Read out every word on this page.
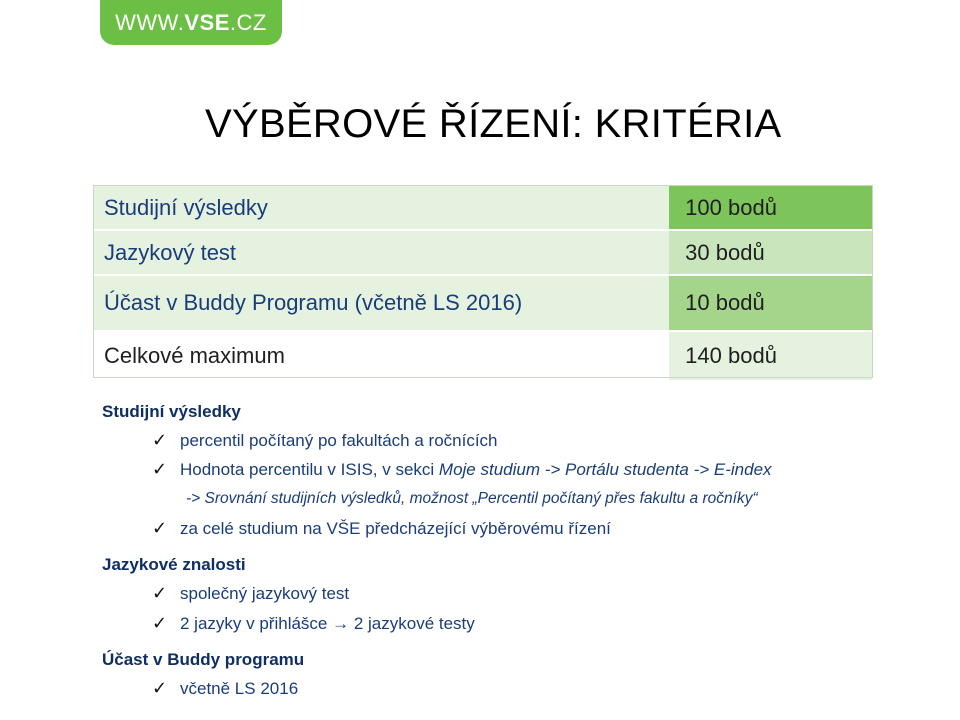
WWW.VSE.CZ
VÝBĚROVÉ ŘÍZENÍ: KRITÉRIA
Studijní výsledky	100 bodů
Jazykový test	30 bodů
Účast v Buddy Programu (včetně LS 2016)	10 bodů
Celkové maximum	140 bodů
Studijní výsledky
✓ percentil počítaný po fakultách a ročnících
✓ Hodnota percentilu v ISIS, v sekci Moje studium -> Portálu studenta -> E-index
-> Srovnání studijních výsledků, možnost „Percentil počítaný přes fakultu a ročníky“
✓ za celé studium na VŠE předcházející výběrovému řízení
Jazykové znalosti
✓ společný jazykový test
✓ 2 jazyky v přihlášce → 2 jazykové testy
Účast v Buddy programu
✓ včetně LS 2016
